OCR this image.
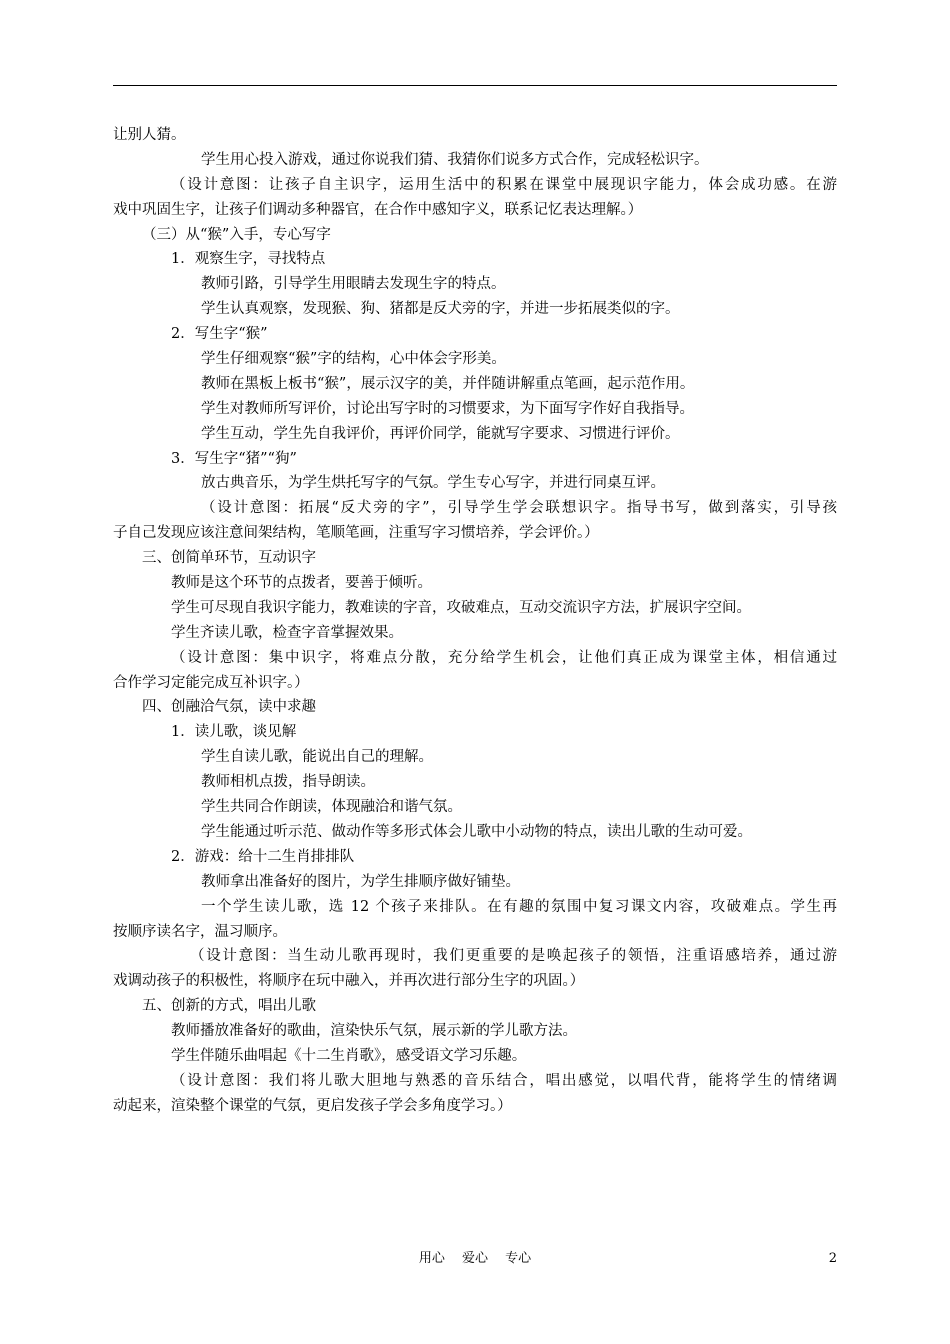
让别人猜。
学生用心投入游戏，通过你说我们猜、我猜你们说多方式合作，完成轻松识字。
（设计意图：让孩子自主识字，运用生活中的积累在课堂中展现识字能力，体会成功感。在游
戏中巩固生字，让孩子们调动多种器官，在合作中感知字义，联系记忆表达理解。）
（三）从“猴”入手，专心写字
1．观察生字，寻找特点
教师引路，引导学生用眼睛去发现生字的特点。
学生认真观察，发现猴、狗、猪都是反犬旁的字，并进一步拓展类似的字。
2．写生字“猴”
学生仔细观察“猴”字的结构，心中体会字形美。
教师在黑板上板书“猴”，展示汉字的美，并伴随讲解重点笔画，起示范作用。
学生对教师所写评价，讨论出写字时的习惯要求，为下面写字作好自我指导。
学生互动，学生先自我评价，再评价同学，能就写字要求、习惯进行评价。
3．写生字“猪”“狗”
放古典音乐，为学生烘托写字的气氛。学生专心写字，并进行同桌互评。
（设计意图：拓展“反犬旁的字”，引导学生学会联想识字。指导书写，做到落实，引导孩
子自己发现应该注意间架结构，笔顺笔画，注重写字习惯培养，学会评价。）
三、创简单环节，互动识字
教师是这个环节的点拨者，要善于倾听。
学生可尽现自我识字能力，教难读的字音，攻破难点，互动交流识字方法，扩展识字空间。
学生齐读儿歌，检查字音掌握效果。
（设计意图：集中识字，将难点分散，充分给学生机会，让他们真正成为课堂主体，相信通过
合作学习定能完成互补识字。）
四、创融洽气氛，读中求趣
1．读儿歌，谈见解
学生自读儿歌，能说出自己的理解。
教师相机点拨，指导朗读。
学生共同合作朗读，体现融洽和谐气氛。
学生能通过听示范、做动作等多形式体会儿歌中小动物的特点，读出儿歌的生动可爱。
2．游戏：给十二生肖排排队
教师拿出准备好的图片，为学生排顺序做好铺垫。
一个学生读儿歌，选 12 个孩子来排队。在有趣的氛围中复习课文内容，攻破难点。学生再
按顺序读名字，温习顺序。
（设计意图：当生动儿歌再现时，我们更重要的是唤起孩子的领悟，注重语感培养，通过游
戏调动孩子的积极性，将顺序在玩中融入，并再次进行部分生字的巩固。）
五、创新的方式，唱出儿歌
教师播放准备好的歌曲，渲染快乐气氛，展示新的学儿歌方法。
学生伴随乐曲唱起《十二生肖歌》，感受语文学习乐趣。
（设计意图：我们将儿歌大胆地与熟悉的音乐结合，唱出感觉，以唱代背，能将学生的情绪调
动起来，渲染整个课堂的气氛，更启发孩子学会多角度学习。）
用心　 爱心　 专心	2
